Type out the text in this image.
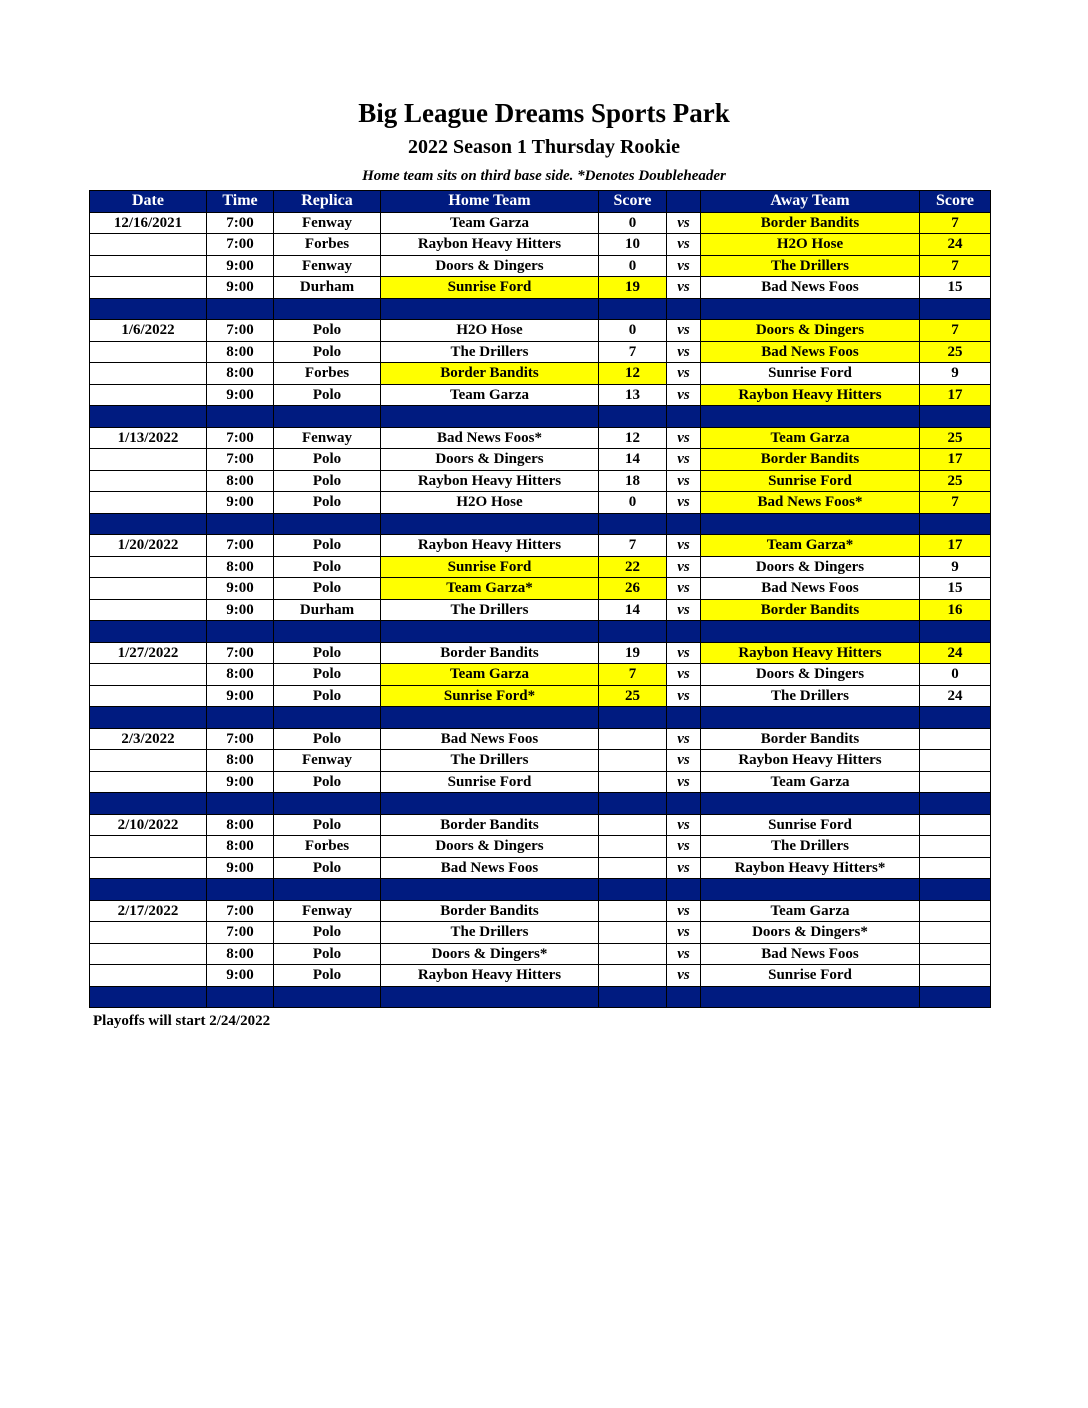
Big League Dreams Sports Park
2022 Season 1 Thursday Rookie
Home team sits on third base side. *Denotes Doubleheader
Date	Time	Replica	Home Team	Score		Away Team	Score
12/16/2021	7:00	Fenway	Team Garza	0	vs	Border Bandits	7
	7:00	Forbes	Raybon Heavy Hitters	10	vs	H2O Hose	24
	9:00	Fenway	Doors & Dingers	0	vs	The Drillers	7
	9:00	Durham	Sunrise Ford	19	vs	Bad News Foos	15

1/6/2022	7:00	Polo	H2O Hose	0	vs	Doors & Dingers	7
	8:00	Polo	The Drillers	7	vs	Bad News Foos	25
	8:00	Forbes	Border Bandits	12	vs	Sunrise Ford	9
	9:00	Polo	Team Garza	13	vs	Raybon Heavy Hitters	17

1/13/2022	7:00	Fenway	Bad News Foos*	12	vs	Team Garza	25
	7:00	Polo	Doors & Dingers	14	vs	Border Bandits	17
	8:00	Polo	Raybon Heavy Hitters	18	vs	Sunrise Ford	25
	9:00	Polo	H2O Hose	0	vs	Bad News Foos*	7

1/20/2022	7:00	Polo	Raybon Heavy Hitters	7	vs	Team Garza*	17
	8:00	Polo	Sunrise Ford	22	vs	Doors & Dingers	9
	9:00	Polo	Team Garza*	26	vs	Bad News Foos	15
	9:00	Durham	The Drillers	14	vs	Border Bandits	16

1/27/2022	7:00	Polo	Border Bandits	19	vs	Raybon Heavy Hitters	24
	8:00	Polo	Team Garza	7	vs	Doors & Dingers	0
	9:00	Polo	Sunrise Ford*	25	vs	The Drillers	24

2/3/2022	7:00	Polo	Bad News Foos		vs	Border Bandits	
	8:00	Fenway	The Drillers		vs	Raybon Heavy Hitters	
	9:00	Polo	Sunrise Ford		vs	Team Garza	

2/10/2022	8:00	Polo	Border Bandits		vs	Sunrise Ford	
	8:00	Forbes	Doors & Dingers		vs	The Drillers	
	9:00	Polo	Bad News Foos		vs	Raybon Heavy Hitters*	

2/17/2022	7:00	Fenway	Border Bandits		vs	Team Garza	
	7:00	Polo	The Drillers		vs	Doors & Dingers*	
	8:00	Polo	Doors & Dingers*		vs	Bad News Foos	
	9:00	Polo	Raybon Heavy Hitters		vs	Sunrise Ford	

Playoffs will start 2/24/2022
